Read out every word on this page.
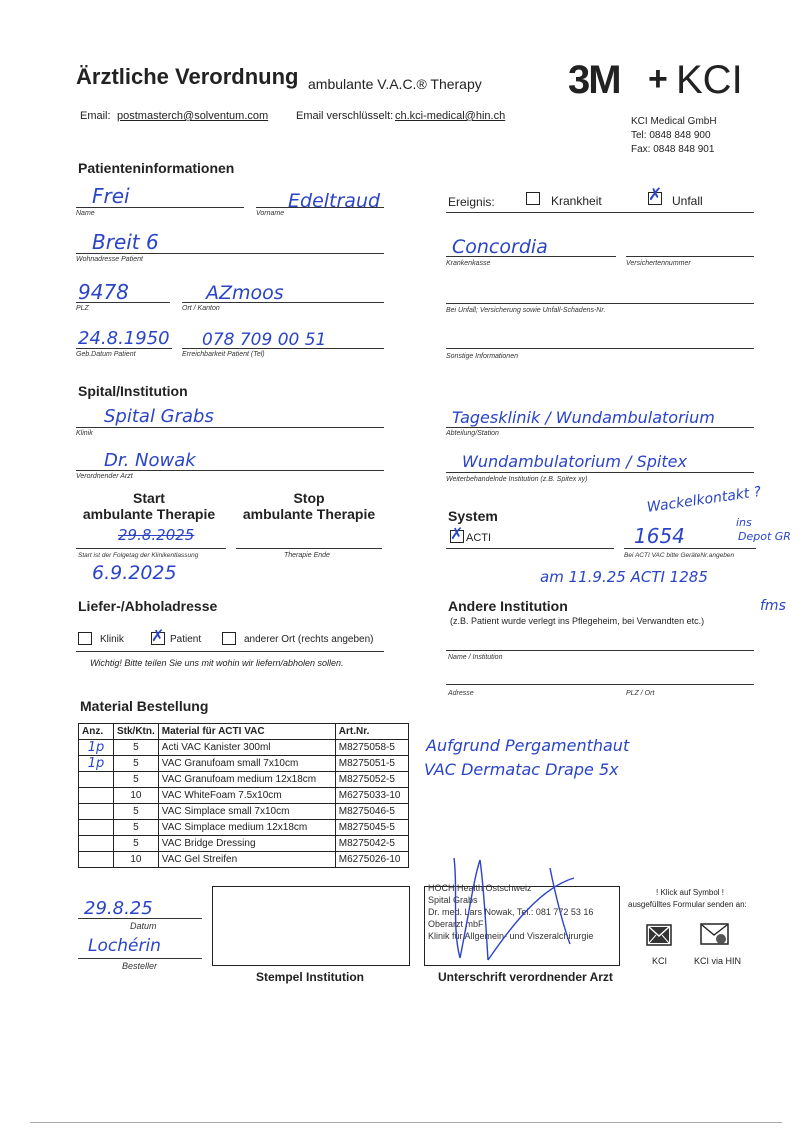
Ärztliche Verordnung ambulante V.A.C.® Therapy
Email: postmasterch@solventum.com	Email verschlüsselt: ch.kci-medical@hin.ch
3M + KCI
KCI Medical GmbH
Tel: 0848 848 900
Fax: 0848 848 901
Patienteninformationen
Frei
Name
Edeltraud
Vorname
Breit 6
Wohnadresse Patient
9478
PLZ
AZmoos
Ort / Kanton
24.8.1950
Geb.Datum Patient
078 709 00 51
Erreichbarkeit Patient (Tel)
Ereignis:	Krankheit	✗ Unfall
Concordia
Krankenkasse	Versichertennummer
Bei Unfall; Versicherung sowie Unfall-Schadens-Nr.
Sonstige Informationen
Spital/Institution
Spital Grabs
Klinik
Tagesklinik / Wundambulatorium
Abteilung/Station
Dr. Nowak
Verordnender Arzt
Wundambulatorium / Spitex
Weiterbehandelnde Institution (z.B. Spitex xy)
Start
ambulante Therapie
Stop
ambulante Therapie
29.8.2025
Start ist der Folgetag der Klinikentlassung	Therapie Ende
6.9.2025
System
✗ ACTI	1654
Bei ACTI VAC bitte GeräteNr.angeben
Wackelkontakt ?
ins
Depot GR
am 11.9.25 ACTI 1285
fms
Liefer-/Abholadresse
Klinik ✗ Patient	anderer Ort (rechts angeben)
Wichtig! Bitte teilen Sie uns mit wohin wir liefern/abholen sollen.
Andere Institution
(z.B. Patient wurde verlegt ins Pflegeheim, bei Verwandten etc.)
Name / Institution
Adresse	PLZ / Ort
Material Bestellung
Anz.	Stk/Ktn.	Material für ACTI VAC	Art.Nr.
1p	5	Acti VAC Kanister 300ml	M8275058-5
1p	5	VAC Granufoam small 7x10cm	M8275051-5
	5	VAC Granufoam medium 12x18cm	M8275052-5
	10	VAC WhiteFoam 7.5x10cm	M6275033-10
	5	VAC Simplace small 7x10cm	M8275046-5
	5	VAC Simplace medium 12x18cm	M8275045-5
	5	VAC Bridge Dressing	M8275042-5
	10	VAC Gel Streifen	M6275026-10
Aufgrund Pergamenthaut
VAC Dermatac Drape 5x
29.8.25
Datum
Lochérin
Besteller
Stempel Institution
HOCH Health Ostschweiz
Spital Grabs
Dr. med. Lars Nowak, Tel.: 081 772 53 16
Oberarzt mbF
Klinik für Allgemein- und Viszeralchirurgie
Unterschrift verordnender Arzt
! Klick auf Symbol !
ausgefülltes Formular senden an:
KCI	KCI via HIN
